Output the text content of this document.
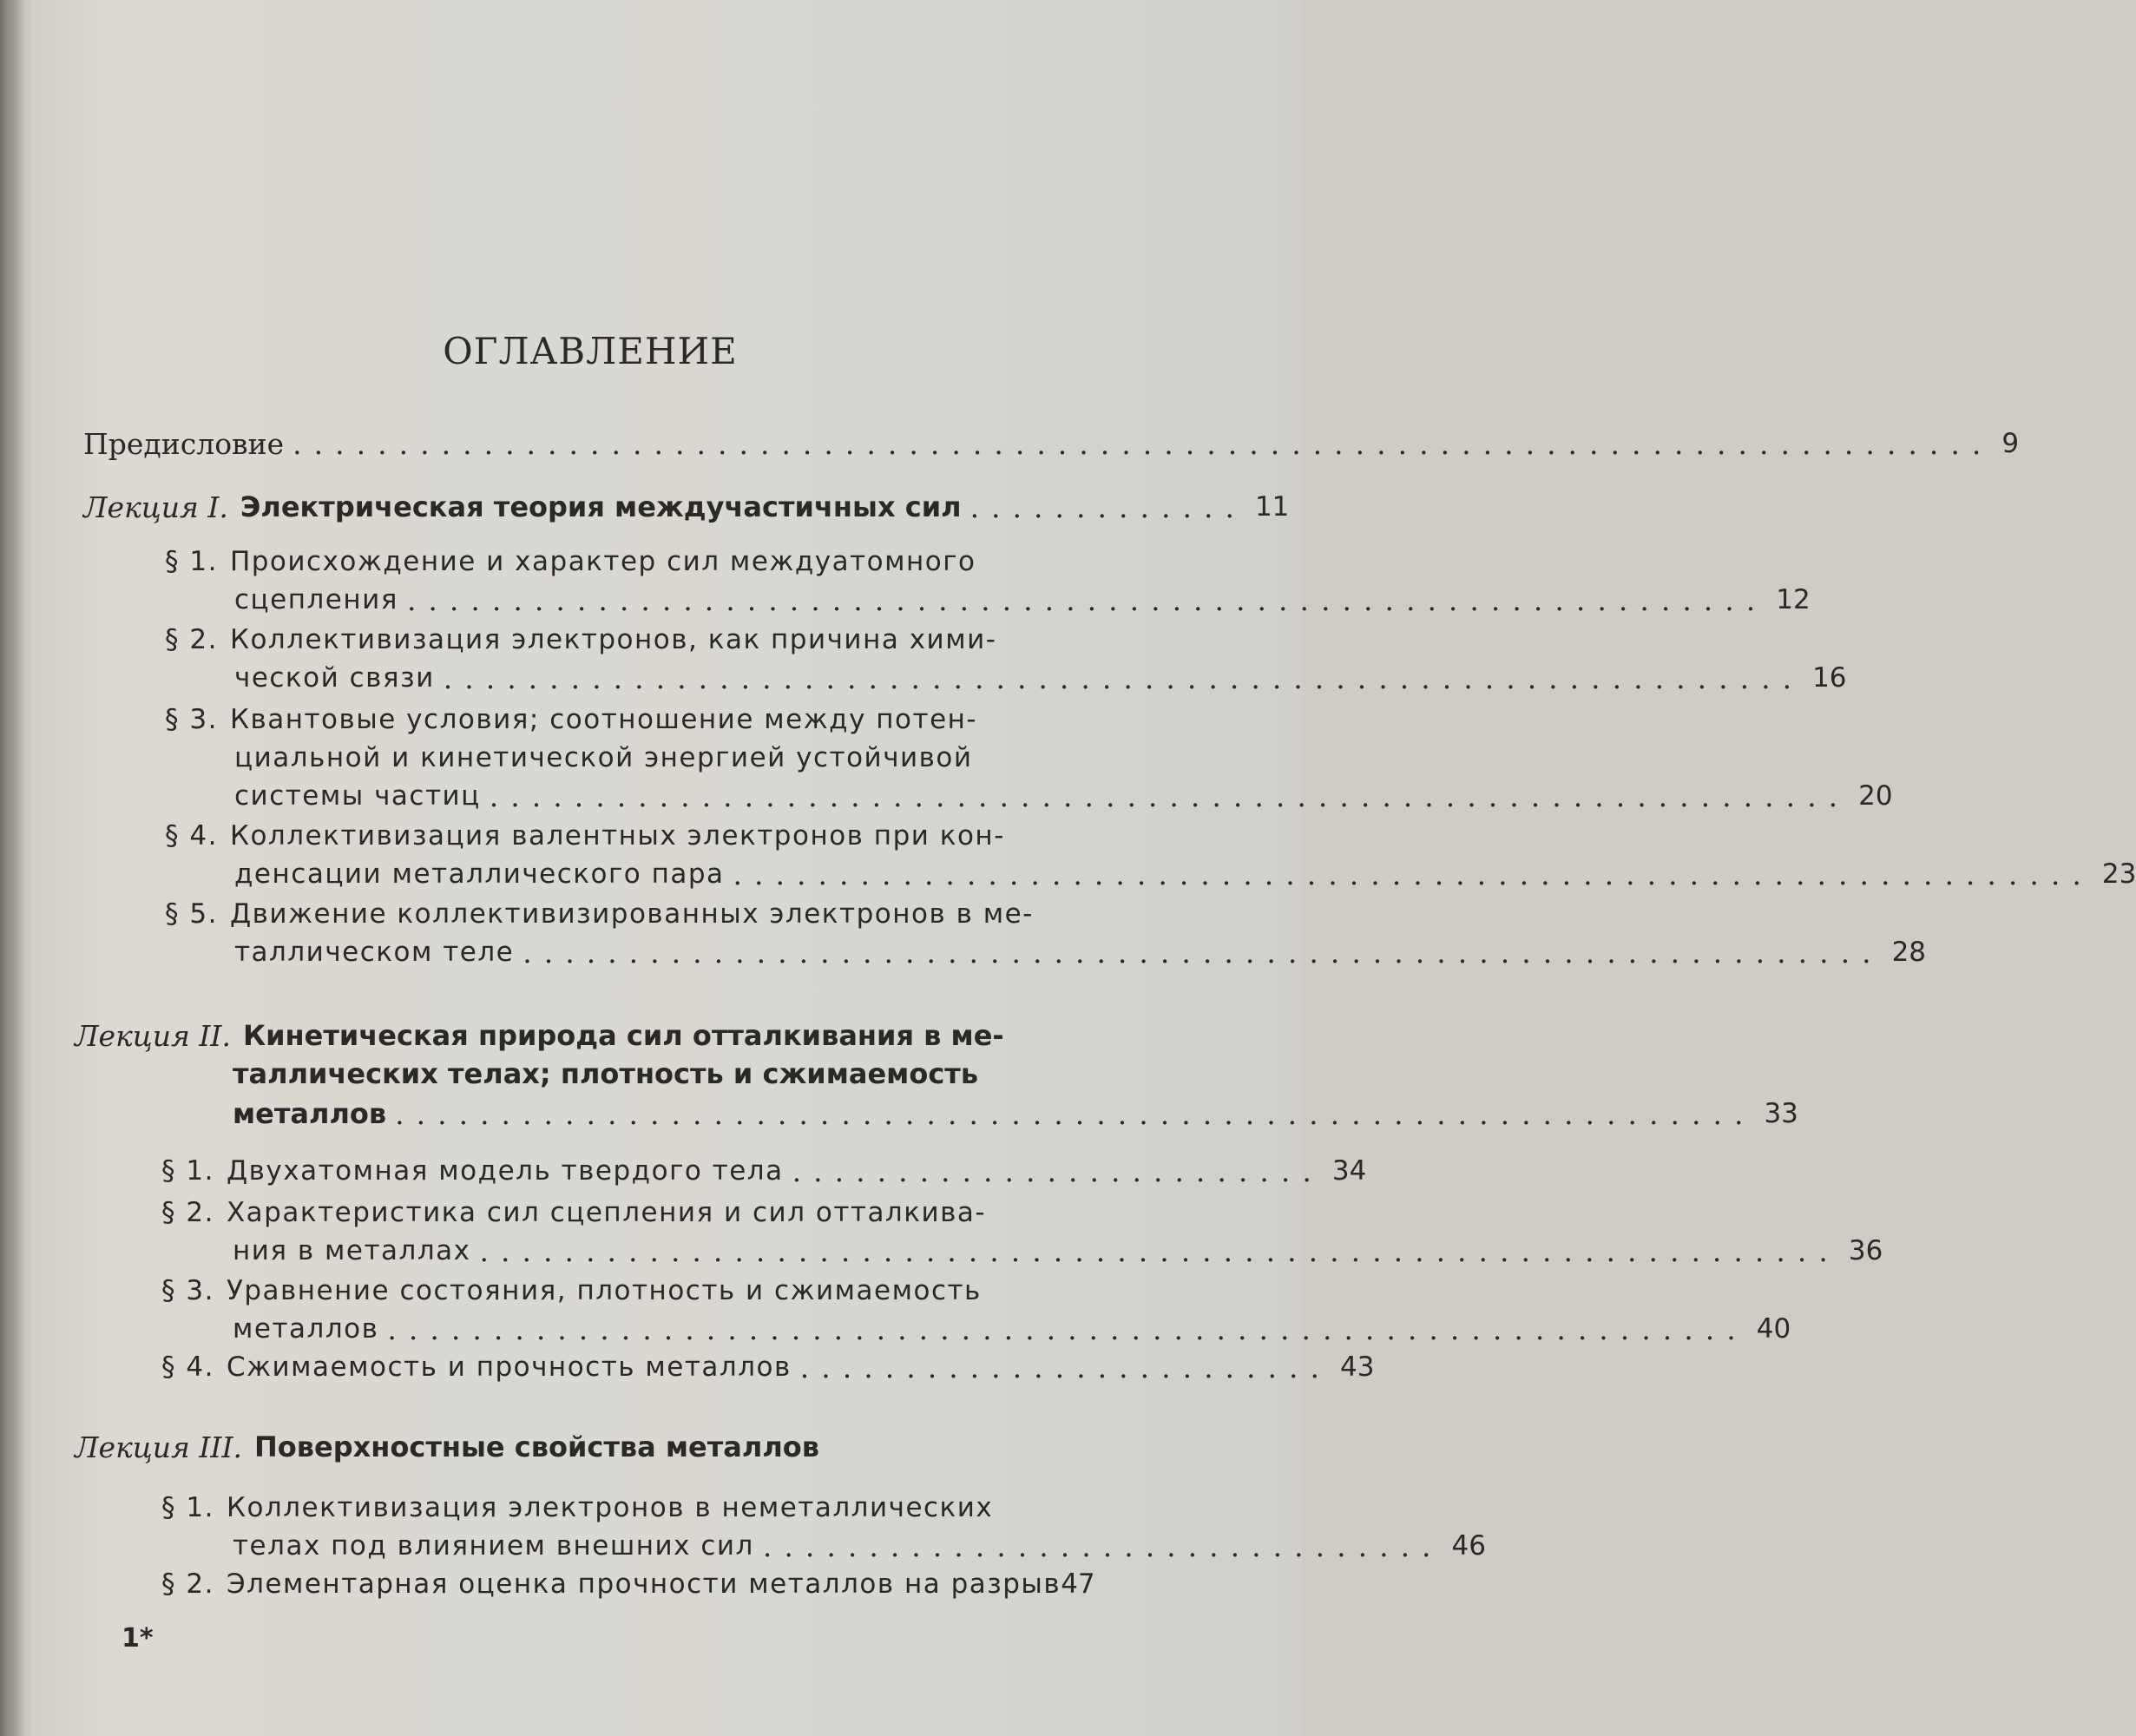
ОГЛАВЛЕНИЕ
Предисловие ................................................................................ 9
Лекция I. Электрическая теория междучастичных сил ............. 11
§ 1. Происхождение и характер сил междуатомного
сцепления ................................................................ 12
§ 2. Коллективизация электронов, как причина хими-
ческой связи ................................................................ 16
§ 3. Квантовые условия; соотношение между потен-
циальной и кинетической энергией устойчивой
системы частиц ................................................................ 20
§ 4. Коллективизация валентных электронов при кон-
денсации металлического пара ................................................................ 23
§ 5. Движение коллективизированных электронов в ме-
таллическом теле ................................................................ 28
Лекция II. Кинетическая природа сил отталкивания в ме-
таллических телах; плотность и сжимаемость
металлов ................................................................ 33
§ 1. Двухатомная модель твердого тела ......................... 34
§ 2. Характеристика сил сцепления и сил отталкива-
ния в металлах ................................................................ 36
§ 3. Уравнение состояния, плотность и сжимаемость
металлов ................................................................ 40
§ 4. Сжимаемость и прочность металлов ......................... 43
Лекция III. Поверхностные свойства металлов
§ 1. Коллективизация электронов в неметаллических
телах под влиянием внешних сил ................................ 46
§ 2. Элементарная оценка прочности металлов на разрыв 47
1*
